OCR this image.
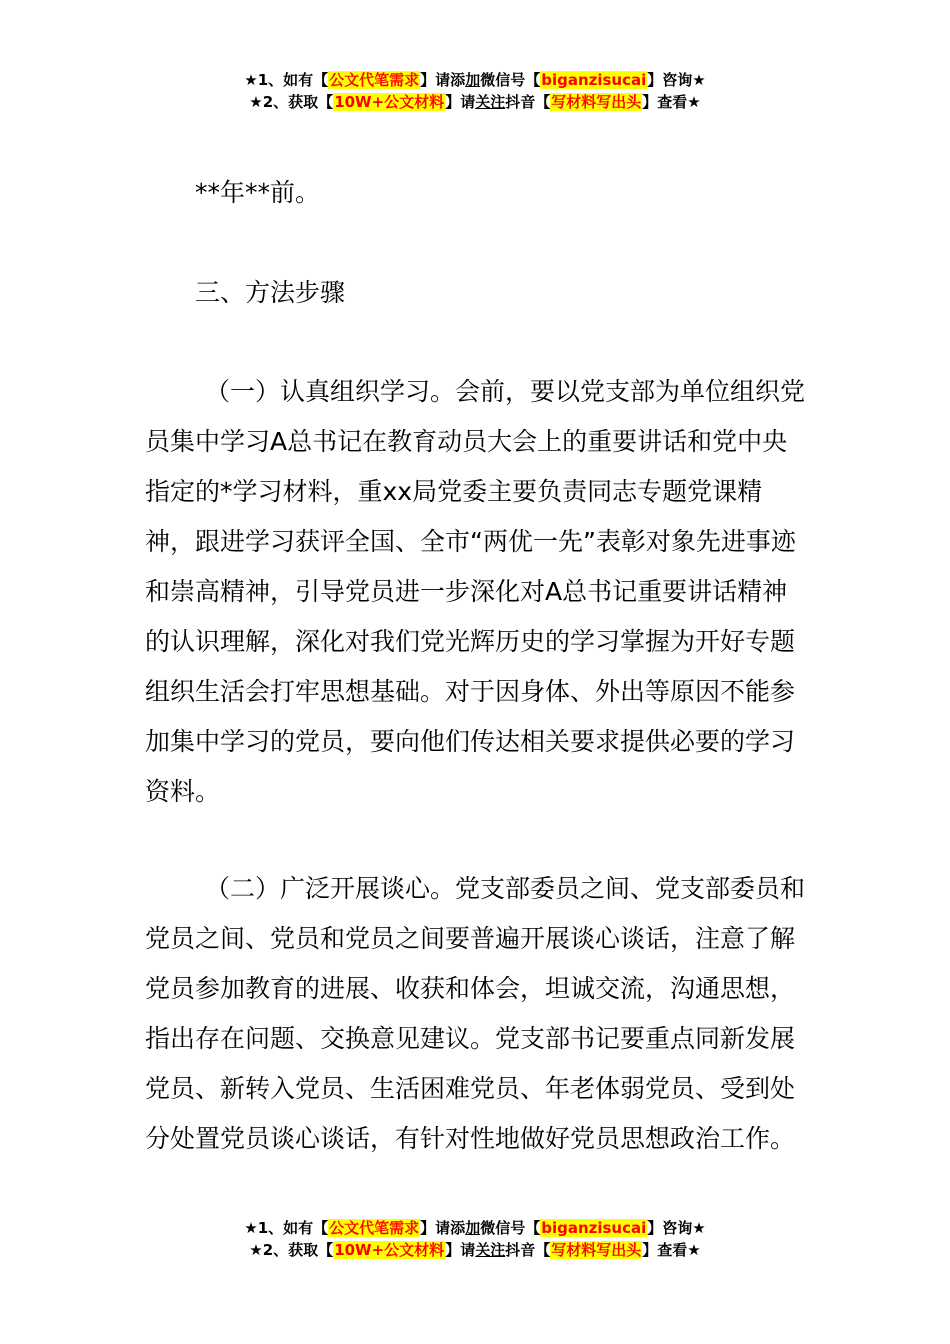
★1、如有【公文代笔需求】请添加微信号【biganzisucai】咨询★
★2、获取【10W+公文材料】请关注抖音【写材料写出头】查看★
**年**前。
三、方法步骤

（一）认真组织学习。会前，要以党支部为单位组织党员集中学习A总书记在教育动员大会上的重要讲话和党中央指定的*学习材料，重xx局党委主要负责同志专题党课精神，跟进学习获评全国、全市“两优一先”表彰对象先进事迹和崇高精神，引导党员进一步深化对A总书记重要讲话精神的认识理解，深化对我们党光辉历史的学习掌握为开好专题组织生活会打牢思想基础。对于因身体、外出等原因不能参加集中学习的党员，要向他们传达相关要求提供必要的学习资料。

（二）广泛开展谈心。党支部委员之间、党支部委员和党员之间、党员和党员之间要普遍开展谈心谈话，注意了解党员参加教育的进展、收获和体会，坦诚交流，沟通思想，指出存在问题、交换意见建议。党支部书记要重点同新发展党员、新转入党员、生活困难党员、年老体弱党员、受到处分处置党员谈心谈话，有针对性地做好党员思想政治工作。

★1、如有【公文代笔需求】请添加微信号【biganzisucai】咨询★
★2、获取【10W+公文材料】请关注抖音【写材料写出头】查看★
